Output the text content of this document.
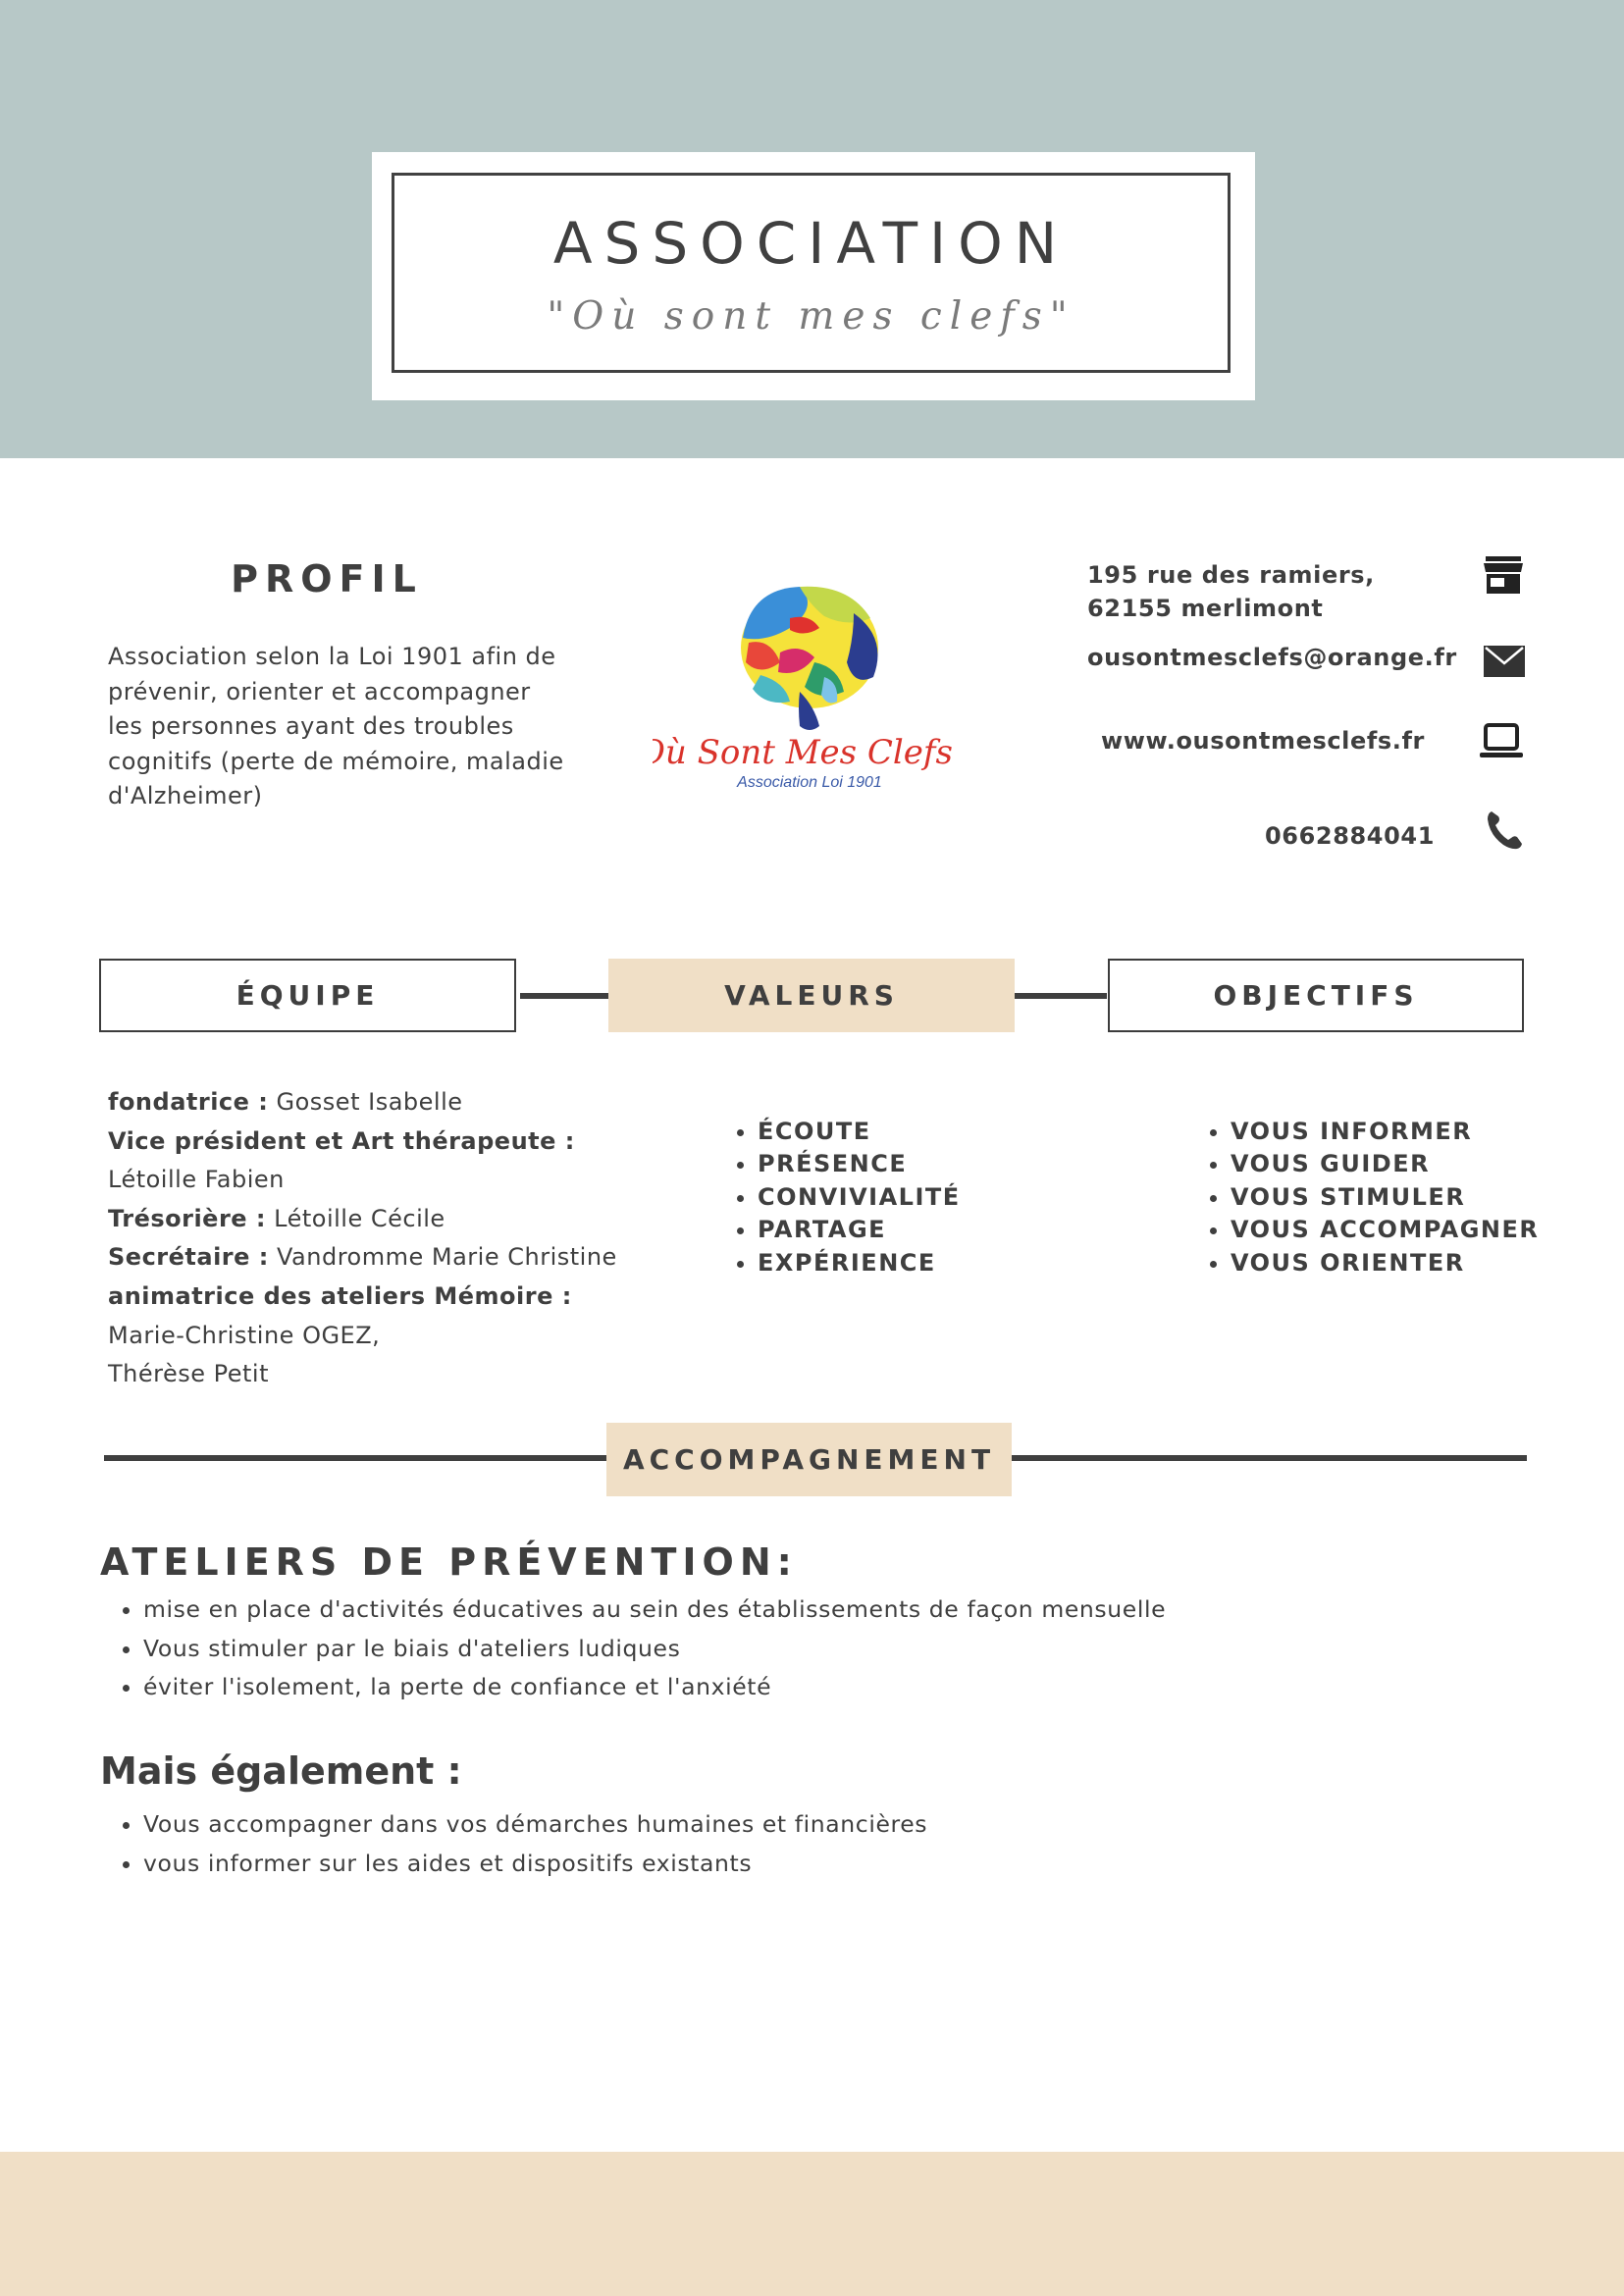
ASSOCIATION
"Où sont mes clefs"
PROFIL
Association selon la Loi 1901 afin de prévenir, orienter et accompagner les personnes ayant des troubles cognitifs (perte de mémoire, maladie d'Alzheimer)
Où Sont Mes Clefs ?
Association Loi 1901
195 rue des ramiers, 62155 merlimont
ousontmesclefs@orange.fr
www.ousontmesclefs.fr
0662884041
ÉQUIPE	VALEURS	OBJECTIFS
fondatrice : Gosset Isabelle
Vice président et Art thérapeute :
Létoille Fabien
Trésorière : Létoille Cécile
Secrétaire : Vandromme Marie Christine
animatrice des ateliers Mémoire :
Marie-Christine OGEZ,
Thérèse Petit
• ÉCOUTE
• PRÉSENCE
• CONVIVIALITÉ
• PARTAGE
• EXPÉRIENCE
• VOUS INFORMER
• VOUS GUIDER
• VOUS STIMULER
• VOUS ACCOMPAGNER
• VOUS ORIENTER
ACCOMPAGNEMENT
ATELIERS DE PRÉVENTION:
• mise en place d'activités éducatives au sein des établissements de façon mensuelle
• Vous stimuler par le biais d'ateliers ludiques
• éviter l'isolement, la perte de confiance et l'anxiété
Mais également :
• Vous accompagner dans vos démarches humaines et financières
• vous informer sur les aides et dispositifs existants
